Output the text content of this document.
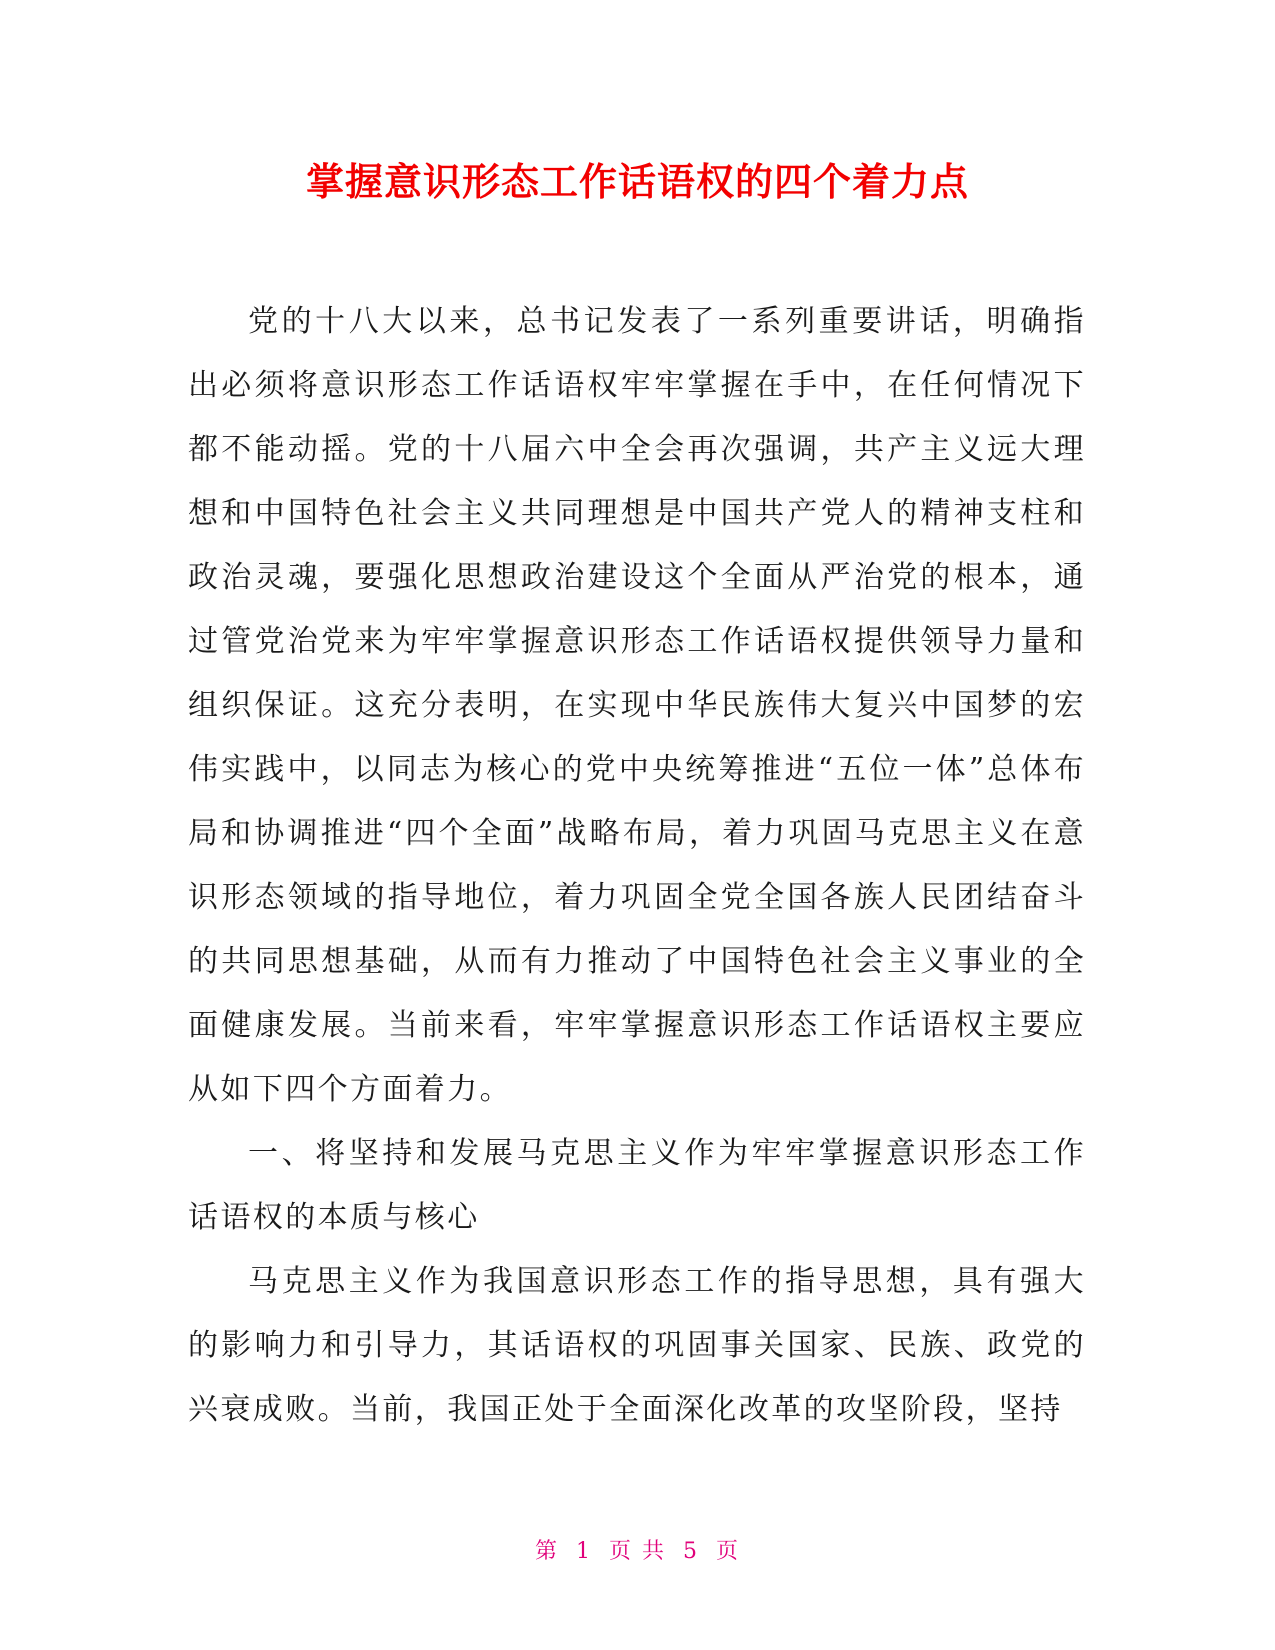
掌握意识形态工作话语权的四个着力点

党的十八大以来，总书记发表了一系列重要讲话，明确指出必须将意识形态工作话语权牢牢掌握在手中，在任何情况下都不能动摇。党的十八届六中全会再次强调，共产主义远大理想和中国特色社会主义共同理想是中国共产党人的精神支柱和政治灵魂，要强化思想政治建设这个全面从严治党的根本，通过管党治党来为牢牢掌握意识形态工作话语权提供领导力量和组织保证。这充分表明，在实现中华民族伟大复兴中国梦的宏伟实践中，以同志为核心的党中央统筹推进“五位一体”总体布局和协调推进“四个全面”战略布局，着力巩固马克思主义在意识形态领域的指导地位，着力巩固全党全国各族人民团结奋斗的共同思想基础，从而有力推动了中国特色社会主义事业的全面健康发展。当前来看，牢牢掌握意识形态工作话语权主要应从如下四个方面着力。

一、将坚持和发展马克思主义作为牢牢掌握意识形态工作话语权的本质与核心

马克思主义作为我国意识形态工作的指导思想，具有强大的影响力和引导力，其话语权的巩固事关国家、民族、政党的兴衰成败。当前，我国正处于全面深化改革的攻坚阶段，坚持

第 1 页 共 5 页
